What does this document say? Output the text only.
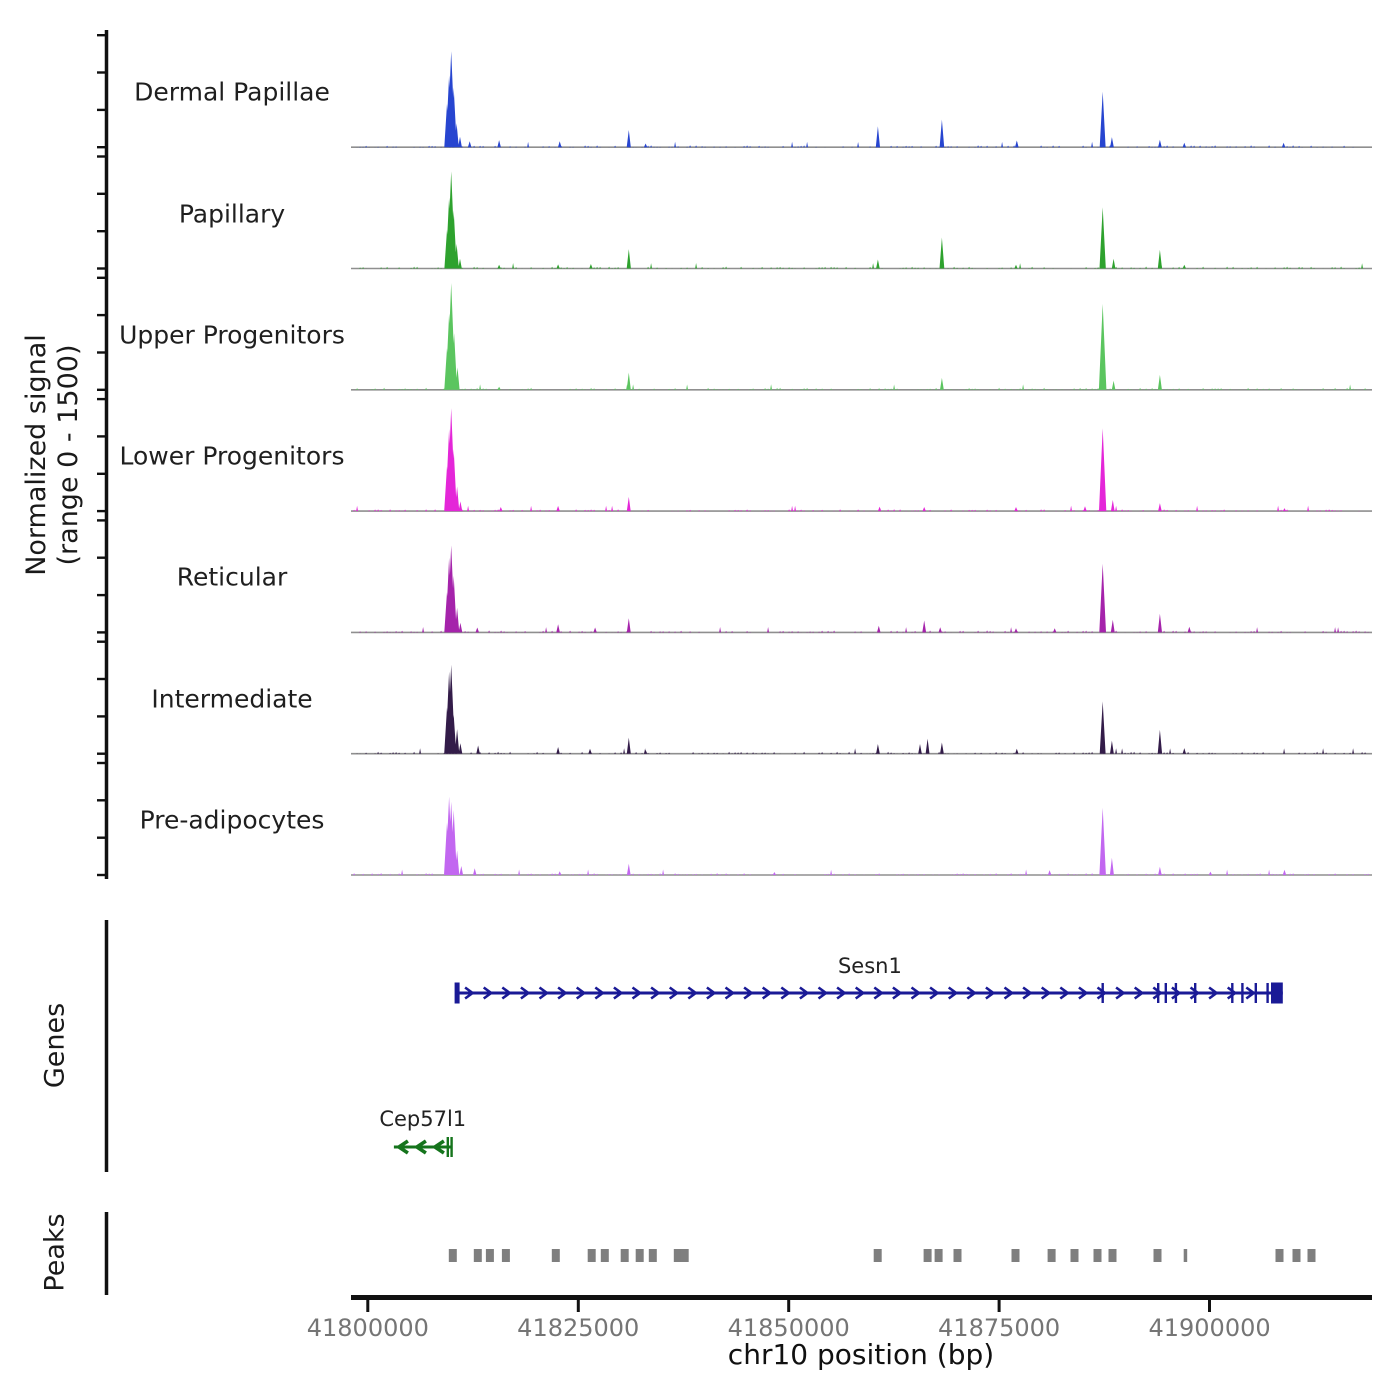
Normalized signal (range 0 - 1500)
Genes
Peaks
chr10 position (bp)
Dermal Papillae
Papillary
Upper Progenitors
Lower Progenitors
Reticular
Intermediate
Pre-adipocytes
Sesn1
Cep57l1
41800000	41825000	41850000	41875000	41900000
